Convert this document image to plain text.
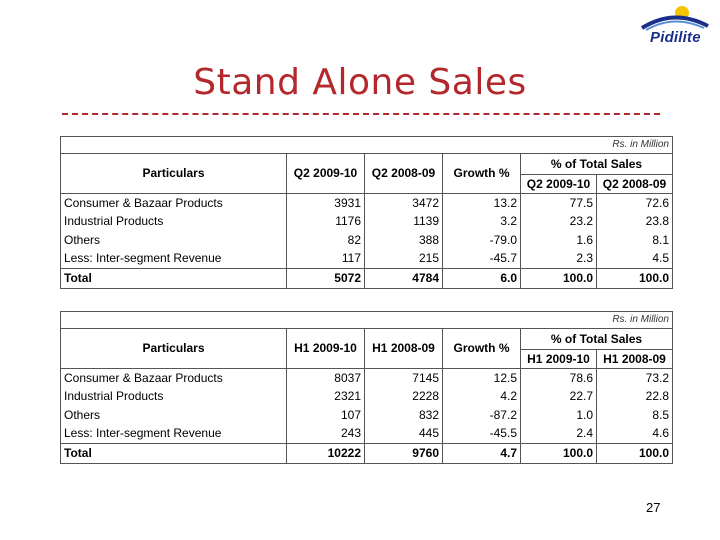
Pidilite
Stand Alone Sales
Rs. in Million					
Particulars	Q2 2009-10	Q2 2008-09	Growth %	% of Total Sales	
				Q2 2009-10	Q2 2008-09
Consumer & Bazaar Products	3931	3472	13.2	77.5	72.6
Industrial Products	1176	1139	3.2	23.2	23.8
Others	82	388	-79.0	1.6	8.1
Less: Inter-segment Revenue	117	215	-45.7	2.3	4.5
Total	5072	4784	6.0	100.0	100.0
Rs. in Million					
Particulars	H1 2009-10	H1 2008-09	Growth %	% of Total Sales	
				H1 2009-10	H1 2008-09
Consumer & Bazaar Products	8037	7145	12.5	78.6	73.2
Industrial Products	2321	2228	4.2	22.7	22.8
Others	107	832	-87.2	1.0	8.5
Less: Inter-segment Revenue	243	445	-45.5	2.4	4.6
Total	10222	9760	4.7	100.0	100.0
27
